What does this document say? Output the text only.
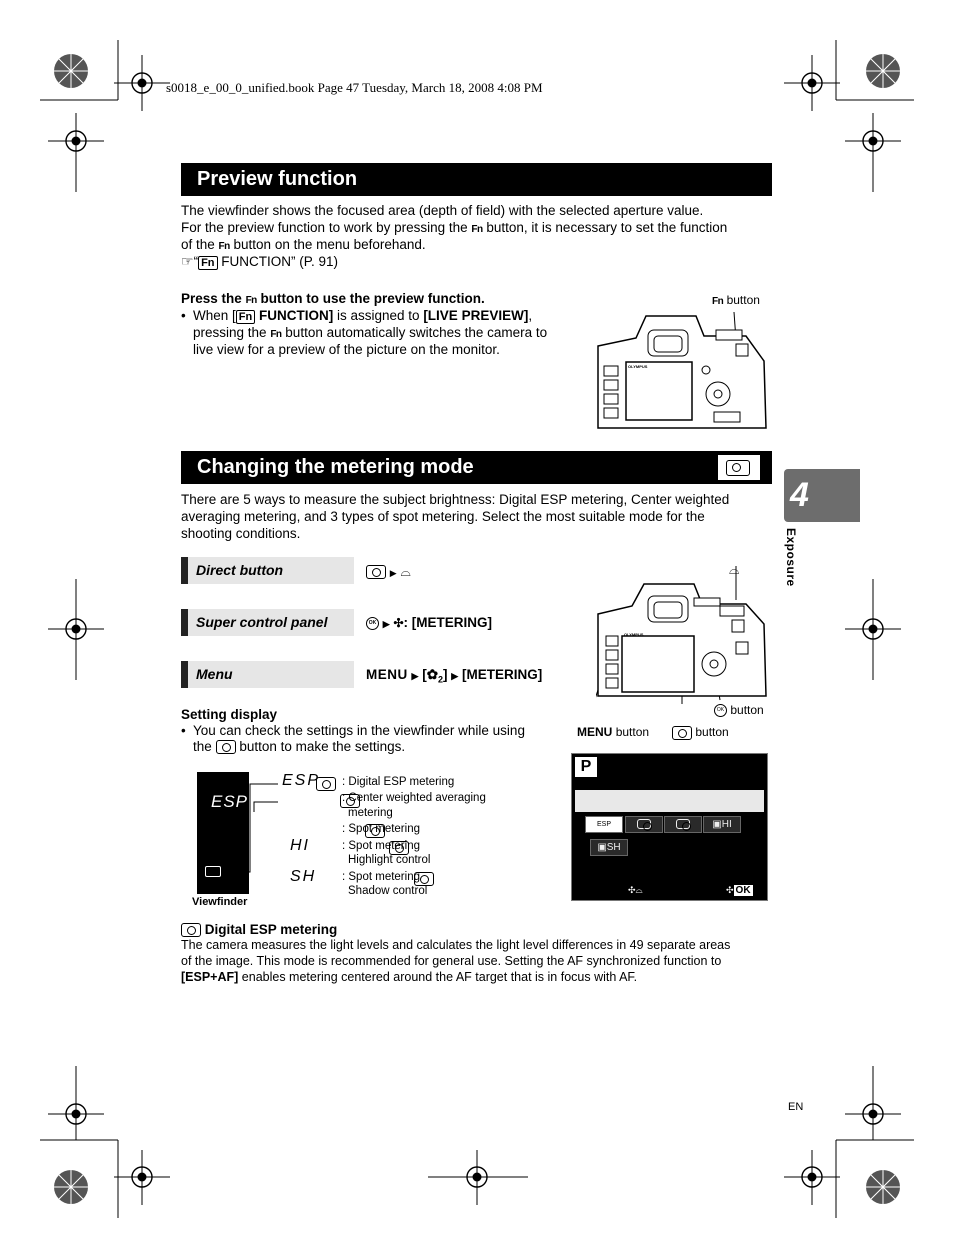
s0018_e_00_0_unified.book Page 47 Tuesday, March 18, 2008 4:08 PM
Preview function
The viewfinder shows the focused area (depth of field) with the selected aperture value.
For the preview function to work by pressing the Fn button, it is necessary to set the function
of the Fn button on the menu beforehand.
☞“ Fn FUNCTION” (P. 91)
Press the Fn button to use the preview function.
• When [ Fn FUNCTION] is assigned to [LIVE PREVIEW],
pressing the Fn button automatically switches the camera to
live view for a preview of the picture on the monitor.
Fn button
OLYMPUS
Changing the metering mode
There are 5 ways to measure the subject brightness: Digital ESP metering, Center weighted
averaging metering, and 3 types of spot metering. Select the most suitable mode for the
shooting conditions.
Direct button	▶ ⌓
Super control panel	OK ▶ ✣: [METERING]
Menu	MENU ▶ $[✿_2]$ ▶ [METERING]
OLYMPUS
⌓
OK button
MENU button	button
Setting display
• You can check the settings in the viewfinder while using
the button to make the settings.
ESP
Viewfinder
ESP
: Digital ESP metering

: Center weighted averaging
metering

: Spot metering
HI
	: Spot metering
Highlight control
SH : Spot metering
Shadow control
P
ESP	▣HI
▣SH
✣⌓	✣ OK
Digital ESP metering
The camera measures the light levels and calculates the light level differences in 49 separate areas
of the image. This mode is recommended for general use. Setting the AF synchronized function to
[ESP+AF] enables metering centered around the AF target that is in focus with AF.
4
Exposure
EN
